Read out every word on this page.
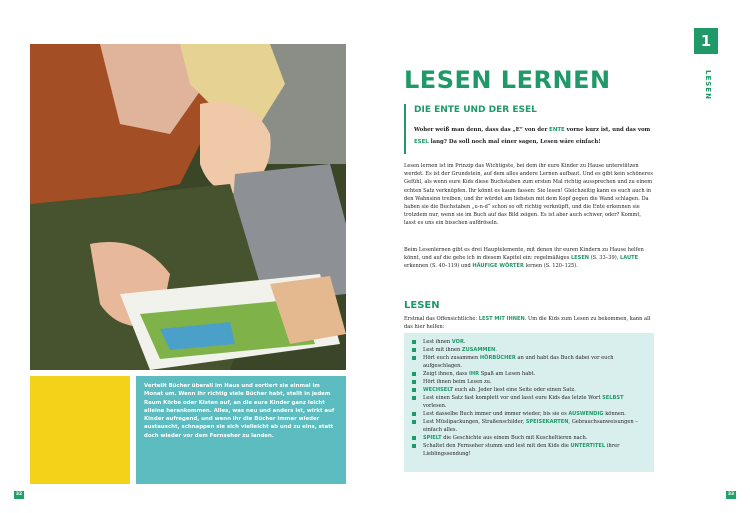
Verteilt Bücher überall im Haus und sortiert sie einmal im Monat um. Wenn ihr richtig viele Bücher habt, stellt in jedem Raum Körbe oder Kisten auf, an die eure Kinder ganz leicht alleine herankommen. Alles, was neu und anders ist, wirkt auf Kinder aufregend, und wenn ihr die Bücher immer wieder austauscht, schnappen sie sich vielleicht ab und zu eins, statt doch wieder vor dem Fernseher zu landen.

32
1
LESEN
LESEN LERNEN
DIE ENTE UND DER ESEL

Woher weiß man denn, dass das „E“ von der ENTE vorne kurz ist, und das vom ESEL lang? Da soll noch mal einer sagen, Lesen wäre einfach!

Lesen lernen ist im Prinzip das Wichtigste, bei dem ihr eure Kinder zu Hause unterstützen werdet. Es ist der Grundstein, auf dem alles andere Lernen aufbaut. Und es gibt kein schöneres Gefühl, als wenn eure Kids diese Buchstaben zum ersten Mal richtig aussprechen und zu einem echten Satz verknüpfen. Ihr könnt es kaum fassen: Sie lesen! Gleichzeitig kann es euch auch in den Wahnsinn treiben, und ihr würdet am liebsten mit dem Kopf gegen die Wand schlagen. Da haben sie die Buchstaben „u-n-d“ schon so oft richtig verknüpft, und die Ente erkennen sie trotzdem nur, wenn sie im Buch auf das Bild zeigen. Es ist aber auch schwer, oder? Kommt, lasst es uns ein bisschen aufdröseln.

Beim Lesenlernen gibt es drei Hauptelemente, mit denen ihr euren Kindern zu Hause helfen könnt, und auf die gehe ich in diesem Kapitel ein: regelmäßiges LESEN (S. 33–39), LAUTE erkennen (S. 40–119) und HÄUFIGE WÖRTER lernen (S. 120–125).

LESEN

Erstmal das Offensichtliche: LEST MIT IHNEN. Um die Kids zum Lesen zu bekommen, kann all das hier helfen:

Lest ihnen VOR.
Lest mit ihnen ZUSAMMEN.
Hört euch zusammen HÖRBÜCHER an und habt das Buch dabei vor euch aufgeschlagen.
Zeigt ihnen, dass IHR Spaß am Lesen habt.
Hört ihnen beim Lesen zu.
WECHSELT euch ab. Jeder liest eine Seite oder einen Satz.
Lest einen Satz fast komplett vor und lasst eure Kids das letzte Wort SELBST vorlesen.
Lest dasselbe Buch immer und immer wieder, bis sie es AUSWENDIG können.
Lest Müslipackungen, Straßenschilder, SPEISEKARTEN, Gebrauchsanweisungen – einfach alles.
SPIELT die Geschichte aus einem Buch mit Kuscheltieren nach.
Schaltet den Fernseher stumm und lest mit den Kids die UNTERTITEL ihrer Lieblingssendung!
33
